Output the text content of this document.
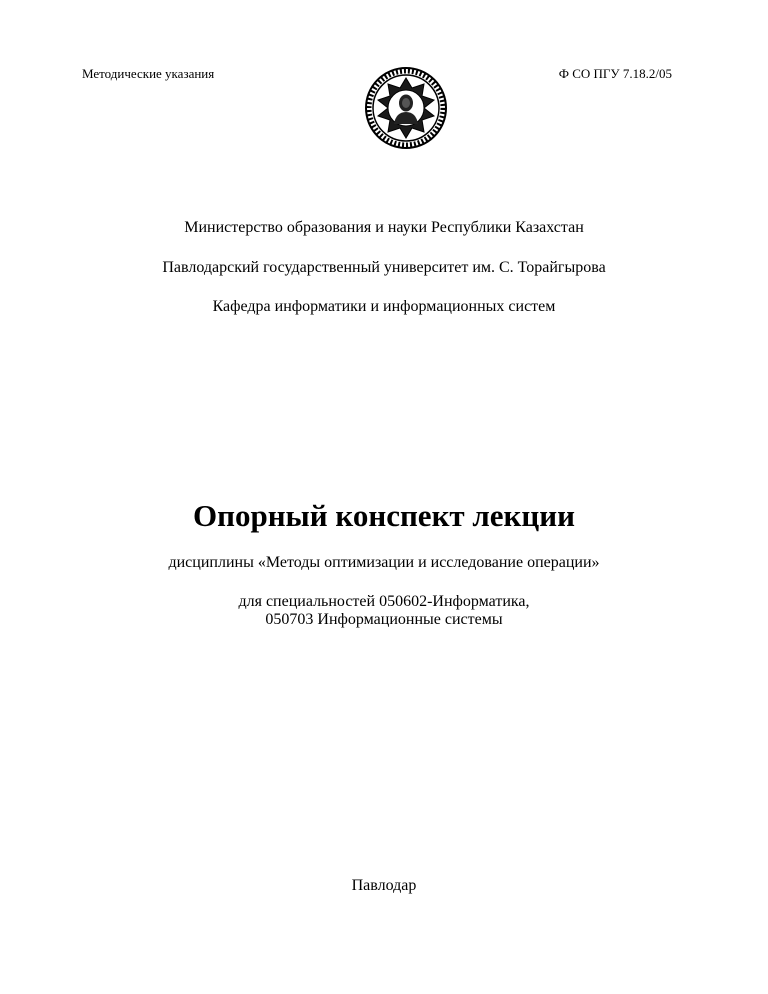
Методические указания	Ф СО ПГУ 7.18.2/05
Министерство образования и науки Республики Казахстан
Павлодарский государственный университет им. С. Торайгырова
Кафедра информатики и информационных систем
Опорный конспект лекции
дисциплины «Методы оптимизации и исследование операции»
для специальностей 050602-Информатика,
050703 Информационные системы
Павлодар
